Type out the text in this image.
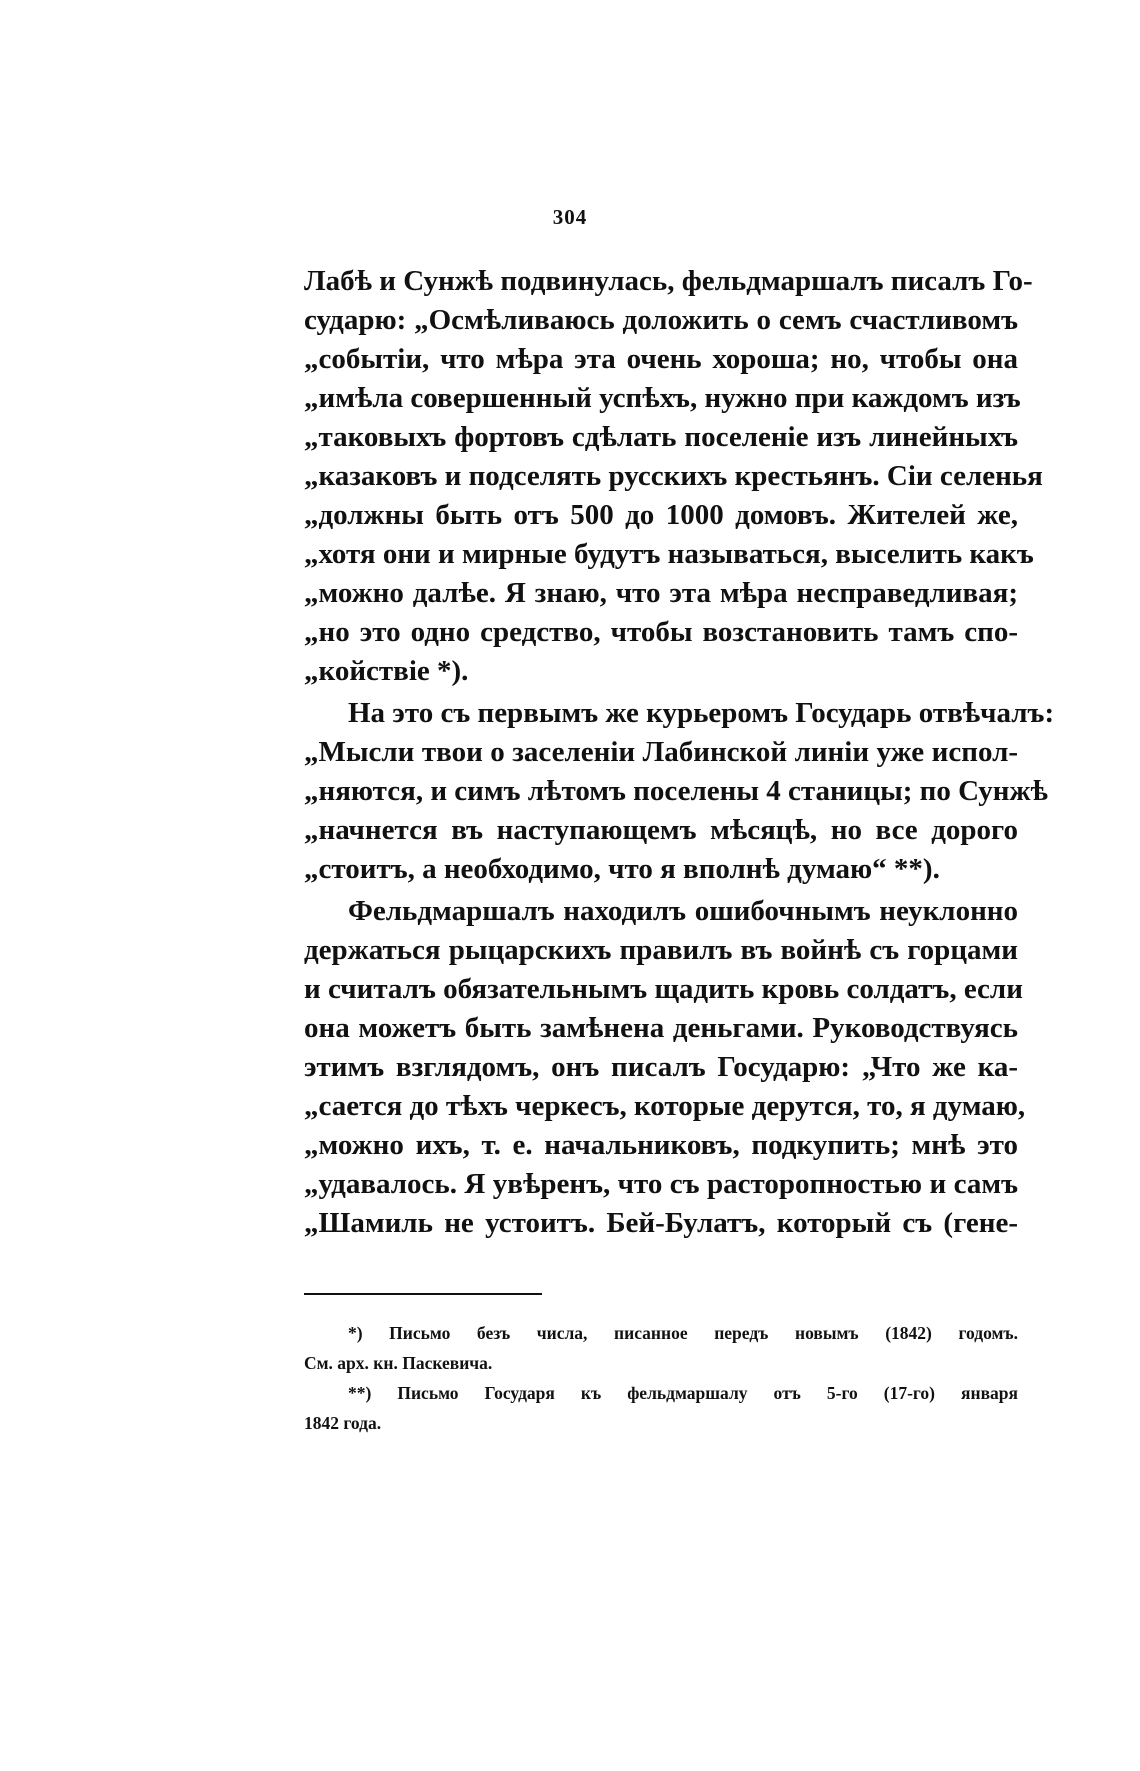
304
Лабѣ и Сунжѣ подвинулась, фельдмаршалъ писалъ Го-
сударю: „Осмѣливаюсь доложить о семъ счастливомъ
„событіи, что мѣра эта очень хороша; но, чтобы она
„имѣла совершенный успѣхъ, нужно при каждомъ изъ
„таковыхъ фортовъ сдѣлать поселеніе изъ линейныхъ
„казаковъ и подселять русскихъ крестьянъ. Сіи селенья
„должны быть отъ 500 до 1000 домовъ. Жителей же,
„хотя они и мирные будутъ называться, выселить какъ
„можно далѣе. Я знаю, что эта мѣра несправедливая;
„но это одно средство, чтобы возстановить тамъ спо-
„койствіе *).
На это съ первымъ же курьеромъ Государь отвѣчалъ:
„Мысли твои о заселеніи Лабинской линіи уже испол-
„няются, и симъ лѣтомъ поселены 4 станицы; по Сунжѣ
„начнется въ наступающемъ мѣсяцѣ, но все дорого
„стоитъ, а необходимо, что я вполнѣ думаю“ **).
Фельдмаршалъ находилъ ошибочнымъ неуклонно
держаться рыцарскихъ правилъ въ войнѣ съ горцами
и считалъ обязательнымъ щадить кровь солдатъ, если
она можетъ быть замѣнена деньгами. Руководствуясь
этимъ взглядомъ, онъ писалъ Государю: „Что же ка-
„сается до тѣхъ черкесъ, которые дерутся, то, я думаю,
„можно ихъ, т. е. начальниковъ, подкупить; мнѣ это
„удавалось. Я увѣренъ, что съ расторопностью и самъ
„Шамиль не устоитъ. Бей-Булатъ, который съ (гене-
*) Письмо безъ числа, писанное передъ новымъ (1842) годомъ.
См. арх. кн. Паскевича.
**) Письмо Государя къ фельдмаршалу отъ 5-го (17-го) января
1842 года.
